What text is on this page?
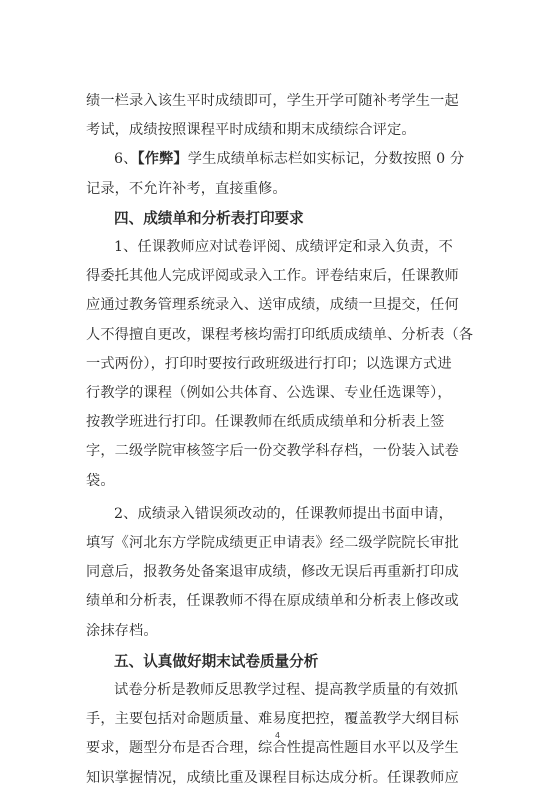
绩一栏录入该生平时成绩即可，学生开学可随补考学生一起

考试，成绩按照课程平时成绩和期末成绩综合评定。

6、【作弊】学生成绩单标志栏如实标记，分数按照 0 分

记录，不允许补考，直接重修。

四、成绩单和分析表打印要求

1、任课教师应对试卷评阅、成绩评定和录入负责，不

得委托其他人完成评阅或录入工作。评卷结束后，任课教师

应通过教务管理系统录入、送审成绩，成绩一旦提交，任何

人不得擅自更改，课程考核均需打印纸质成绩单、分析表（各

一式两份），打印时要按行政班级进行打印；以选课方式进

行教学的课程（例如公共体育、公选课、专业任选课等），

按教学班进行打印。任课教师在纸质成绩单和分析表上签

字，二级学院审核签字后一份交教学科存档，一份装入试卷

袋。

2、成绩录入错误须改动的，任课教师提出书面申请，

填写《河北东方学院成绩更正申请表》经二级学院院长审批

同意后，报教务处备案退审成绩，修改无误后再重新打印成

绩单和分析表，任课教师不得在原成绩单和分析表上修改或

涂抹存档。

五、认真做好期末试卷质量分析

试卷分析是教师反思教学过程、提高教学质量的有效抓

手，主要包括对命题质量、难易度把控，覆盖教学大纲目标

要求，题型分布是否合理，综合性提高性题目水平以及学生

知识掌握情况，成绩比重及课程目标达成分析。任课教师应

4
